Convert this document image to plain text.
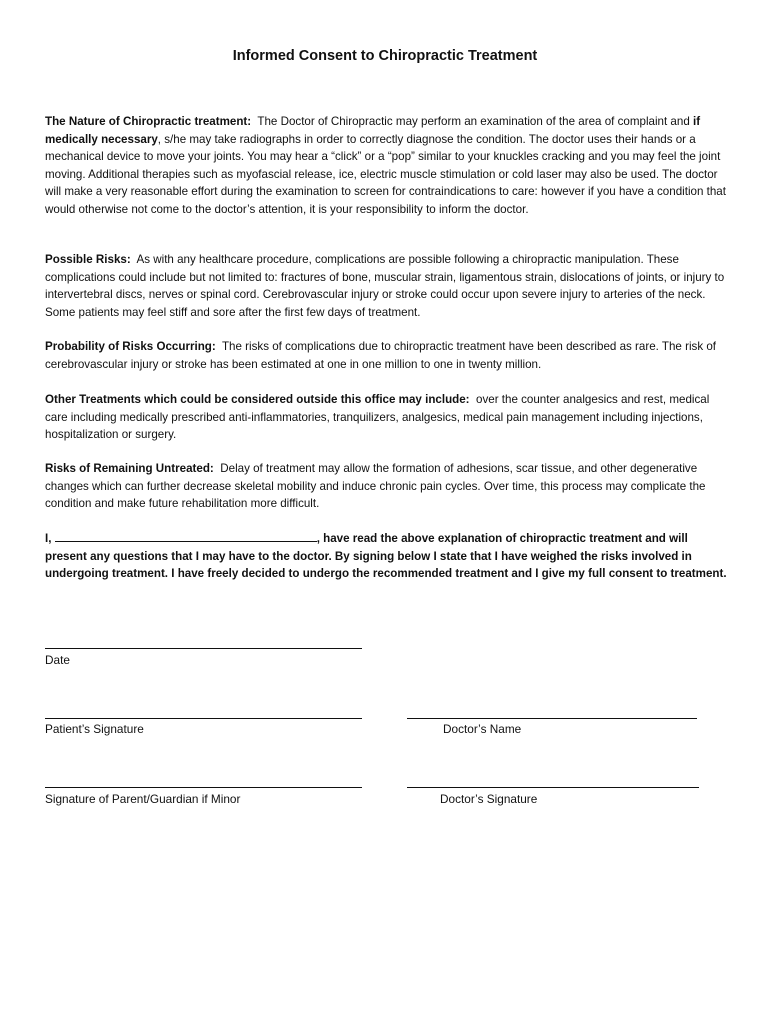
Informed Consent to Chiropractic Treatment

The Nature of Chiropractic treatment: The Doctor of Chiropractic may perform an examination of the area of complaint and if medically necessary, s/he may take radiographs in order to correctly diagnose the condition. The doctor uses their hands or a mechanical device to move your joints. You may hear a “click” or a “pop” similar to your knuckles cracking and you may feel the joint moving. Additional therapies such as myofascial release, ice, electric muscle stimulation or cold laser may also be used. The doctor will make a very reasonable effort during the examination to screen for contraindications to care: however if you have a condition that would otherwise not come to the doctor’s attention, it is your responsibility to inform the doctor.

Possible Risks: As with any healthcare procedure, complications are possible following a chiropractic manipulation. These complications could include but not limited to: fractures of bone, muscular strain, ligamentous strain, dislocations of joints, or injury to intervertebral discs, nerves or spinal cord. Cerebrovascular injury or stroke could occur upon severe injury to arteries of the neck. Some patients may feel stiff and sore after the first few days of treatment.

Probability of Risks Occurring: The risks of complications due to chiropractic treatment have been described as rare. The risk of cerebrovascular injury or stroke has been estimated at one in one million to one in twenty million.

Other Treatments which could be considered outside this office may include: over the counter analgesics and rest, medical care including medically prescribed anti-inflammatories, tranquilizers, analgesics, medical pain management including injections, hospitalization or surgery.

Risks of Remaining Untreated: Delay of treatment may allow the formation of adhesions, scar tissue, and other degenerative changes which can further decrease skeletal mobility and induce chronic pain cycles. Over time, this process may complicate the condition and make future rehabilitation more difficult.

I,	, have read the above explanation of chiropractic treatment and will present any questions that I may have to the doctor. By signing below I state that I have weighed the risks involved in undergoing treatment. I have freely decided to undergo the recommended treatment and I give my full consent to treatment.

Date
Patient’s Signature	Doctor’s Name
Signature of Parent/Guardian if Minor	Doctor’s Signature
